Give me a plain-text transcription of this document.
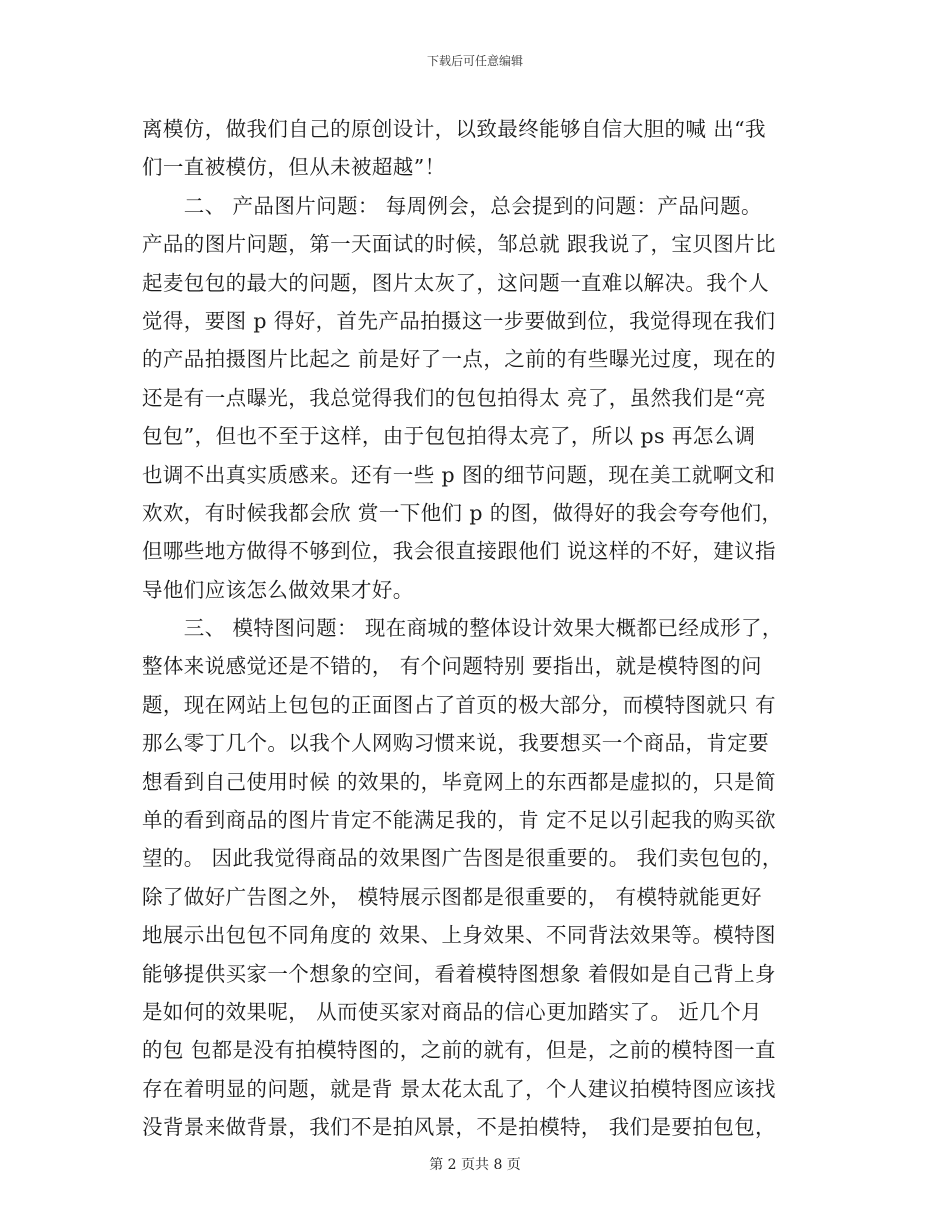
下载后可任意编辑
离模仿，做我们自己的原创设计，以致最终能够自信大胆的喊 出“我
们一直被模仿，但从未被超越”！
　　二、 产品图片问题： 每周例会，总会提到的问题：产品问题。
产品的图片问题，第一天面试的时候，邹总就 跟我说了，宝贝图片比
起麦包包的最大的问题，图片太灰了，这问题一直难以解决。我个人
觉得，要图 p 得好，首先产品拍摄这一步要做到位，我觉得现在我们
的产品拍摄图片比起之 前是好了一点，之前的有些曝光过度，现在的
还是有一点曝光，我总觉得我们的包包拍得太 亮了，虽然我们是“亮
包包”，但也不至于这样，由于包包拍得太亮了，所以 ps 再怎么调
也调不出真实质感来。还有一些 p 图的细节问题，现在美工就啊文和
欢欢，有时候我都会欣 赏一下他们 p 的图，做得好的我会夸夸他们，
但哪些地方做得不够到位，我会很直接跟他们 说这样的不好，建议指
导他们应该怎么做效果才好。
　　三、 模特图问题： 现在商城的整体设计效果大概都已经成形了，
整体来说感觉还是不错的， 有个问题特别 要指出，就是模特图的问
题，现在网站上包包的正面图占了首页的极大部分，而模特图就只 有
那么零丁几个。以我个人网购习惯来说，我要想买一个商品，肯定要
想看到自己使用时候 的效果的，毕竟网上的东西都是虚拟的，只是简
单的看到商品的图片肯定不能满足我的，肯 定不足以引起我的购买欲
望的。 因此我觉得商品的效果图广告图是很重要的。 我们卖包包的，
除了做好广告图之外， 模特展示图都是很重要的， 有模特就能更好
地展示出包包不同角度的 效果、上身效果、不同背法效果等。模特图
能够提供买家一个想象的空间，看着模特图想象 着假如是自己背上身
是如何的效果呢， 从而使买家对商品的信心更加踏实了。 近几个月
的包 包都是没有拍模特图的，之前的就有，但是，之前的模特图一直
存在着明显的问题，就是背 景太花太乱了，个人建议拍模特图应该找
没背景来做背景，我们不是拍风景，不是拍模特， 我们是要拍包包，
第 2 页共 8 页
